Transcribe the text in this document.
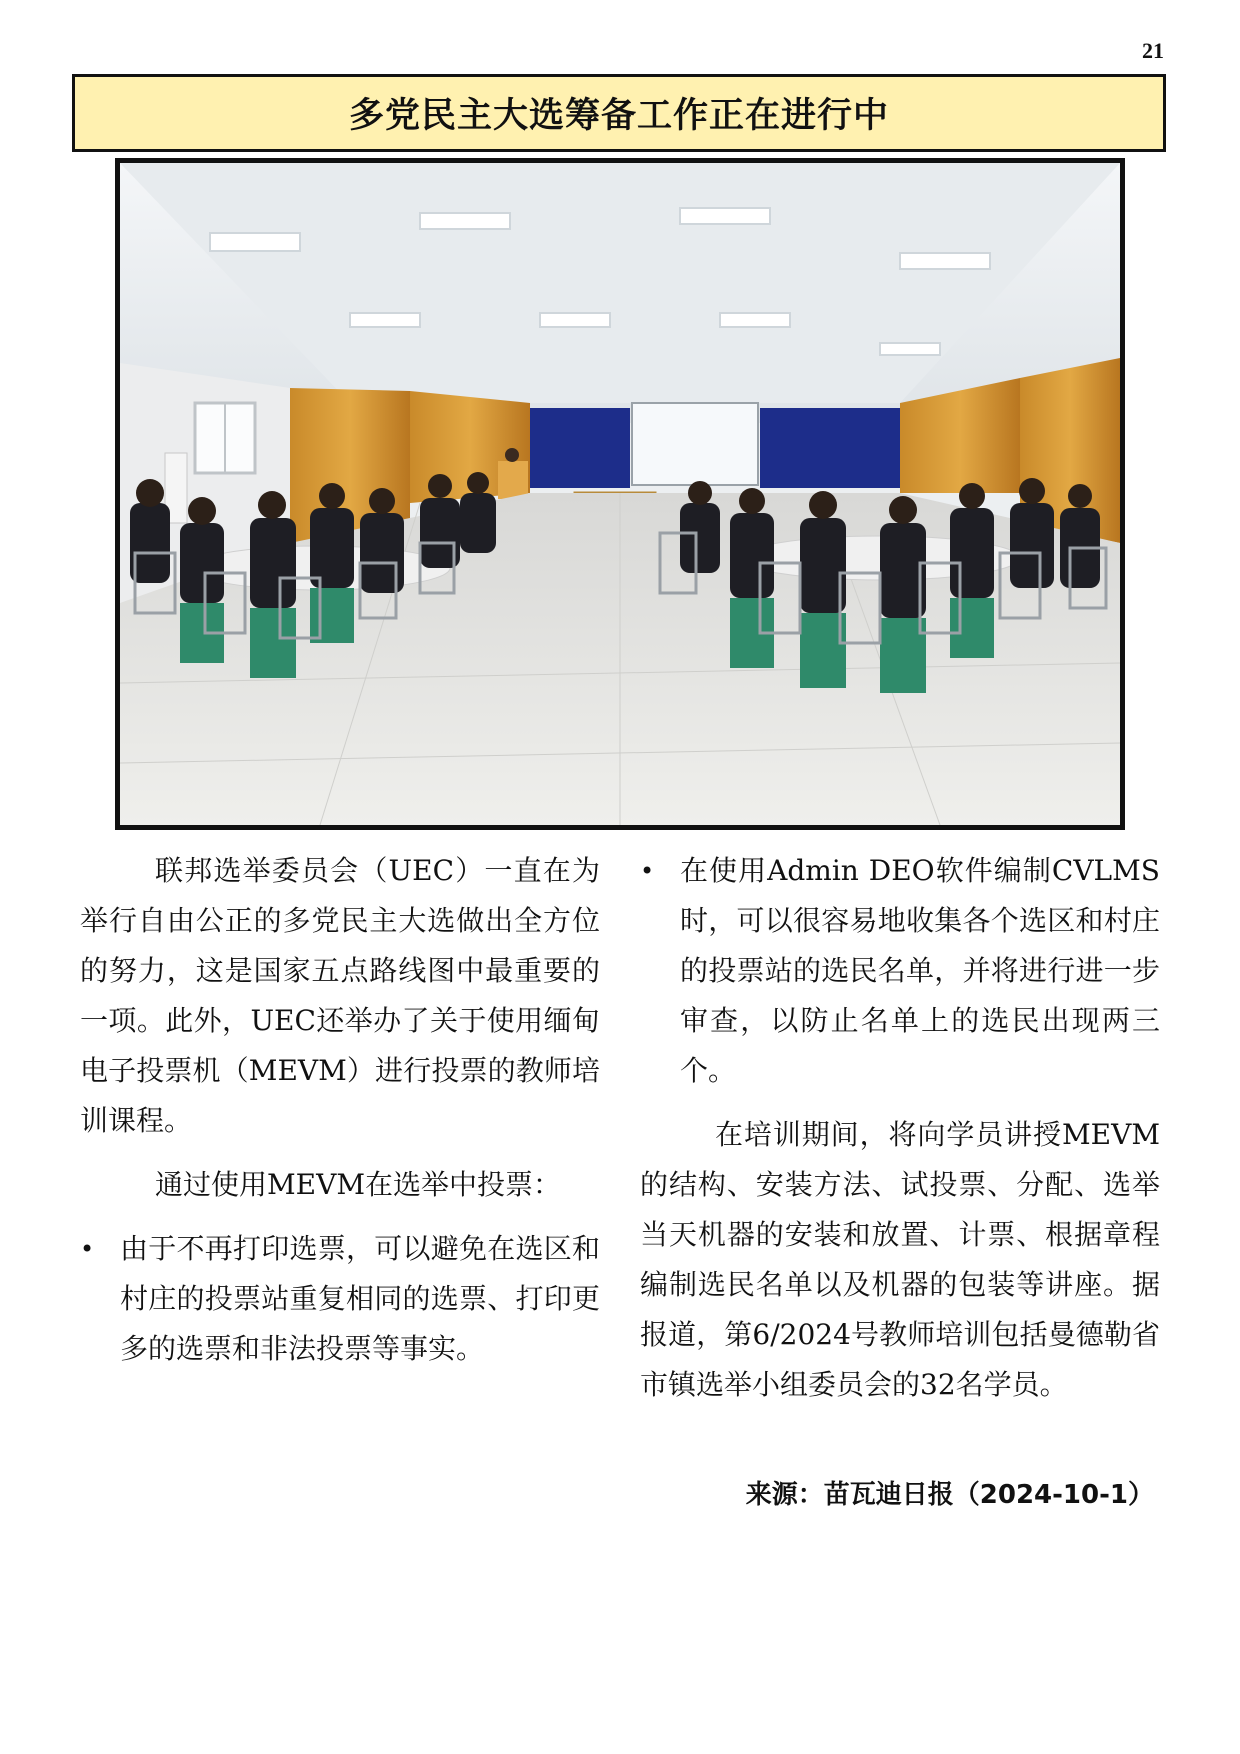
21
多党民主大选筹备工作正在进行中

联邦选举委员会（UEC）一直在为举行自由公正的多党民主大选做出全方位的努力，这是国家五点路线图中最重要的一项。此外，UEC还举办了关于使用缅甸电子投票机（MEVM）进行投票的教师培训课程。

通过使用MEVM在选举中投票：

• 由于不再打印选票，可以避免在选区和村庄的投票站重复相同的选票、打印更多的选票和非法投票等事实。
• 在使用Admin DEO软件编制CVLMS时，可以很容易地收集各个选区和村庄的投票站的选民名单，并将进行进一步审查，以防止名单上的选民出现两三个。

在培训期间，将向学员讲授MEVM的结构、安装方法、试投票、分配、选举当天机器的安装和放置、计票、根据章程编制选民名单以及机器的包装等讲座。据报道，第6/2024号教师培训包括曼德勒省市镇选举小组委员会的32名学员。

来源：苗瓦迪日报（2024-10-1）
